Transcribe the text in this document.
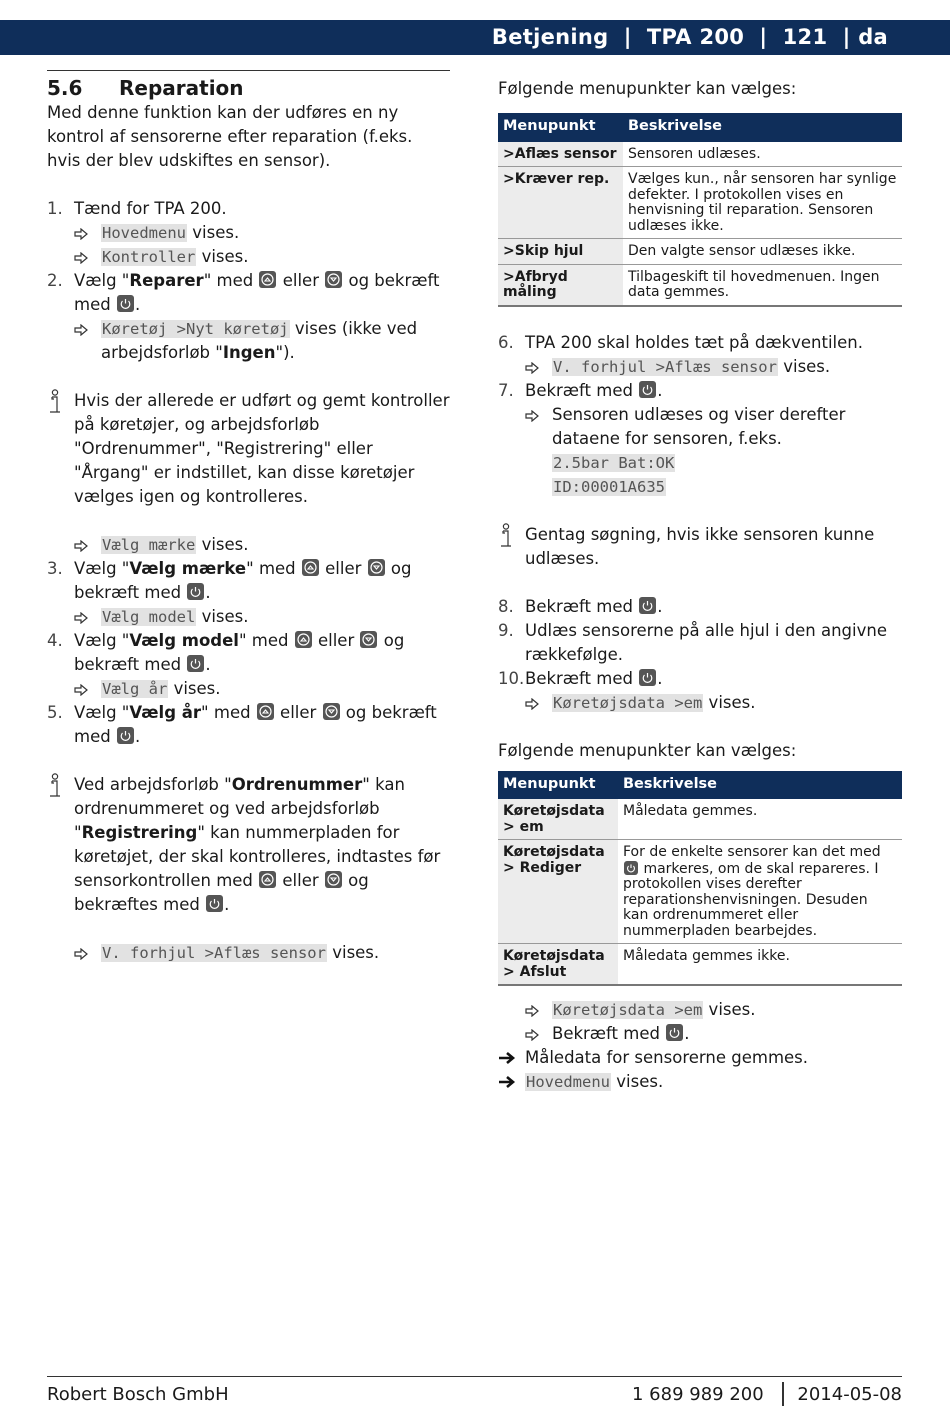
Betjening  |  TPA 200  |  121  | da
5.6	Reparation

Med denne funktion kan der udføres en ny kontrol af sensorerne efter reparation (f.eks. hvis der blev udskiftes en sensor).

1. Tænd for TPA 200.
Hovedmenu vises.
Kontroller vises.
2. Vælg "Reparer" med
eller
og bekræft med
.
Køretøj >Nyt køretøj vises (ikke ved arbejdsforløb "Ingen").

Hvis der allerede er udført og gemt kontroller på køretøjer, og arbejdsforløb "Ordrenummer", "Registrering" eller "Årgang" er indstillet, kan disse køretøjer vælges igen og kontrolleres.

Vælg mærke vises.
3. Vælg "Vælg mærke" med
eller
og bekræft med
.
Vælg model vises.
4. Vælg "Vælg model" med
eller
og bekræft med
.
Vælg år vises.
5. Vælg "Vælg år" med
eller
og bekræft med
.

Ved arbejdsforløb "Ordrenummer" kan ordrenummeret og ved arbejdsforløb "Registrering" kan nummerpladen for køretøjet, der skal kontrolleres, indtastes før sensorkontrollen med
eller
og bekræftes med
.

V. forhjul >Aflæs sensor vises.

Følgende menupunkter kan vælges:

Menupunkt	Beskrivelse
>Aflæs sensor	Sensoren udlæses.
>Kræver rep.	Vælges kun., når sensoren har synlige defekter. I protokollen vises en henvisning til reparation. Sensoren udlæses ikke.
>Skip hjul	Den valgte sensor udlæses ikke.
>Afbryd måling	Tilbageskift til hovedmenuen. Ingen data gemmes.
6. TPA 200 skal holdes tæt på dækventilen.
V. forhjul >Aflæs sensor vises.
7. Bekræft med
.
Sensoren udlæses og viser derefter dataene for sensoren, f.eks.
2.5bar Bat:OK
ID:00001A635

Gentag søgning, hvis ikke sensoren kunne udlæses.

8. Bekræft med
.
9. Udlæs sensorerne på alle hjul i den angivne rækkefølge.
10. Bekræft med
.
Køretøjsdata >em vises.

Følgende menupunkter kan vælges:

Menupunkt	Beskrivelse
Køretøjsdata > em	Måledata gemmes.
Køretøjsdata > Rediger	For de enkelte sensorer kan det med
markeres, om de skal repareres. I protokollen vises derefter reparationshenvisningen. Desuden kan ordrenummeret eller nummerpladen bearbejdes.
Køretøjsdata > Afslut	Måledata gemmes ikke.
Køretøjsdata >em vises.
Bekræft med
.
Måledata for sensorerne gemmes.
Hovedmenu vises.
Robert Bosch GmbH	1 689 989 200 2014-05-08
